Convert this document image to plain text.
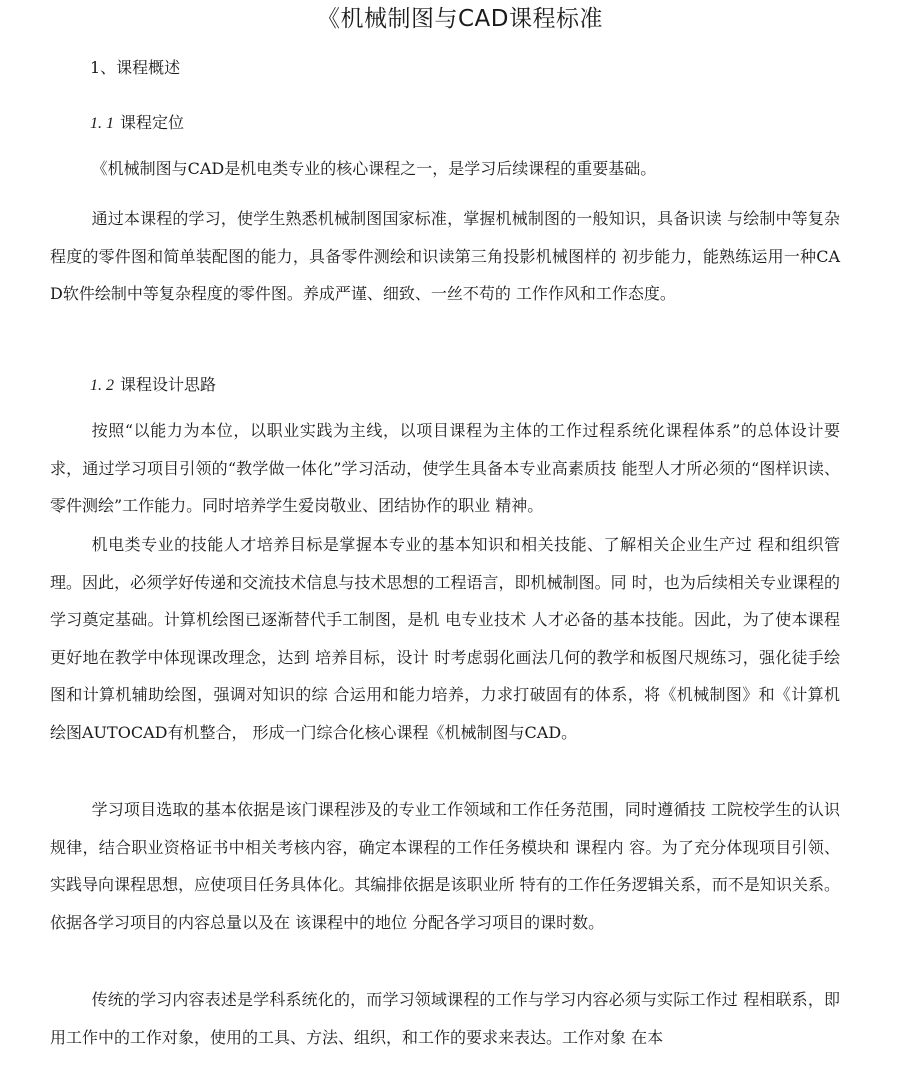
《机械制图与CAD课程标准
1、课程概述
1. 1 课程定位

《机械制图与CAD是机电类专业的核心课程之一，是学习后续课程的重要基础。

通过本课程的学习，使学生熟悉机械制图国家标准，掌握机械制图的一般知识，具备识读 与绘制中等复杂程度的零件图和简单装配图的能力，具备零件测绘和识读第三角投影机械图样的 初步能力，能熟练运用一种CAD软件绘制中等复杂程度的零件图。养成严谨、细致、一丝不苟的 工作作风和工作态度。

1. 2 课程设计思路

按照“以能力为本位，以职业实践为主线，以项目课程为主体的工作过程系统化课程体系”的总体设计要求，通过学习项目引领的“教学做一体化”学习活动，使学生具备本专业高素质技 能型人才所必须的“图样识读、零件测绘”工作能力。同时培养学生爱岗敬业、团结协作的职业 精神。

机电类专业的技能人才培养目标是掌握本专业的基本知识和相关技能、了解相关企业生产过 程和组织管理。因此，必须学好传递和交流技术信息与技术思想的工程语言，即机械制图。同 时，也为后续相关专业课程的学习奠定基础。计算机绘图已逐渐替代手工制图，是机 电专业技术 人才必备的基本技能。因此，为了使本课程更好地在教学中体现课改理念，达到 培养目标，设计 时考虑弱化画法几何的教学和板图尺规练习，强化徒手绘图和计算机辅助绘图，强调对知识的综 合运用和能力培养，力求打破固有的体系，将《机械制图》和《计算机 绘图AUTOCAD有机整合， 形成一门综合化核心课程《机械制图与CAD。

学习项目选取的基本依据是该门课程涉及的专业工作领域和工作任务范围，同时遵循技 工院校学生的认识规律，结合职业资格证书中相关考核内容，确定本课程的工作任务模块和 课程内 容。为了充分体现项目引领、实践导向课程思想，应使项目任务具体化。其编排依据是该职业所 特有的工作任务逻辑关系，而不是知识关系。依据各学习项目的内容总量以及在 该课程中的地位 分配各学习项目的课时数。

传统的学习内容表述是学科系统化的，而学习领域课程的工作与学习内容必须与实际工作过 程相联系，即用工作中的工作对象，使用的工具、方法、组织，和工作的要求来表达。工作对象 在本
